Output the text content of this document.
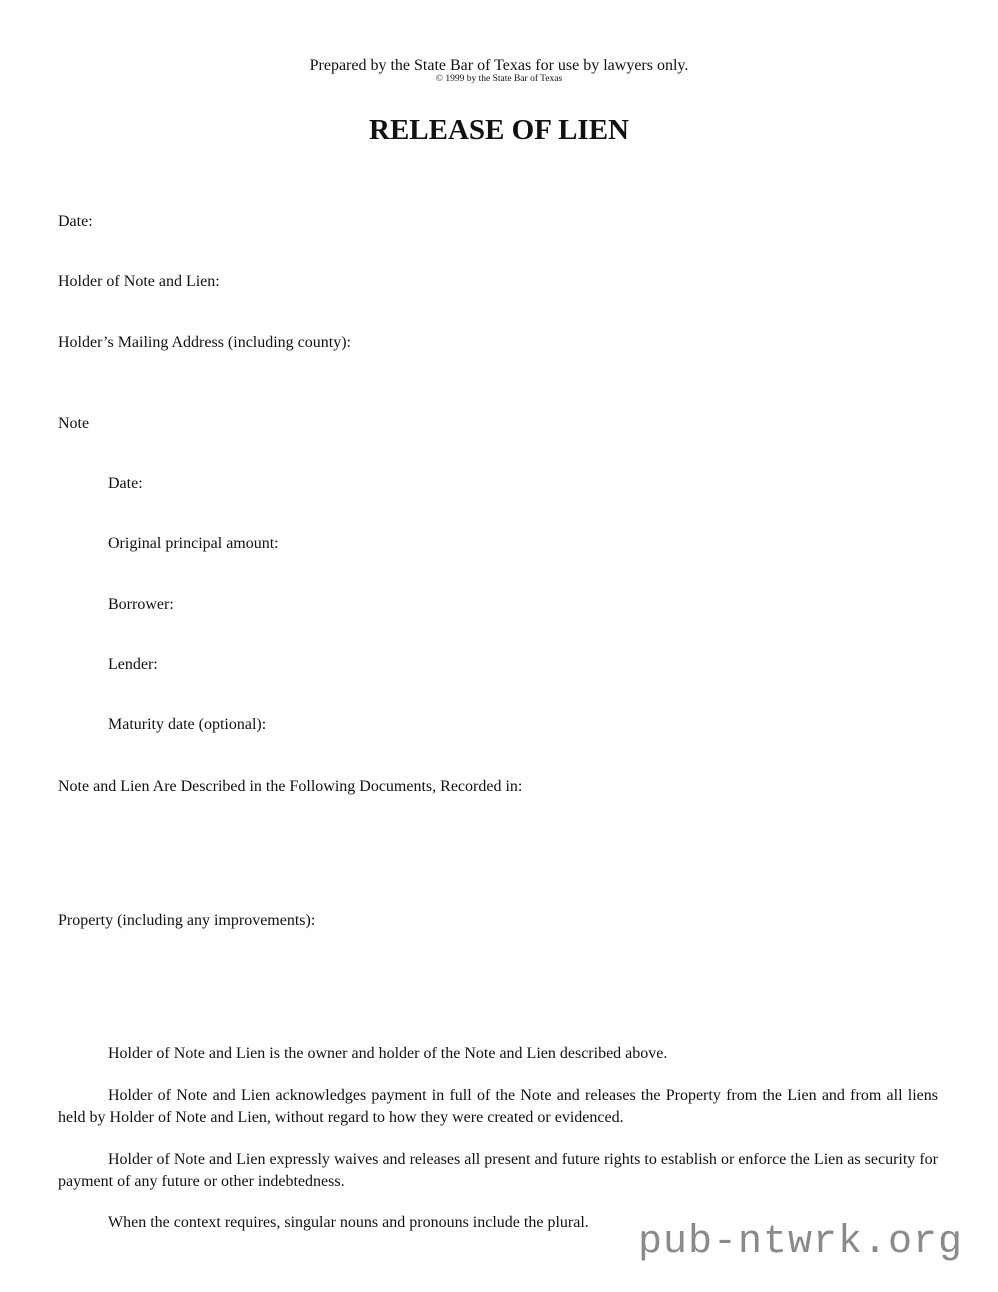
Prepared by the State Bar of Texas for use by lawyers only.
© 1999 by the State Bar of Texas
RELEASE OF LIEN
Date:
Holder of Note and Lien:
Holder’s Mailing Address (including county):
Note
Date:
Original principal amount:
Borrower:
Lender:
Maturity date (optional):
Note and Lien Are Described in the Following Documents, Recorded in:
Property (including any improvements):
Holder of Note and Lien is the owner and holder of the Note and Lien described above.
Holder of Note and Lien acknowledges payment in full of the Note and releases the Property from the Lien and from all liens held by Holder of Note and Lien, without regard to how they were created or evidenced.
Holder of Note and Lien expressly waives and releases all present and future rights to establish or enforce the Lien as security for payment of any future or other indebtedness.
When the context requires, singular nouns and pronouns include the plural.	pub-ntwrk.org
